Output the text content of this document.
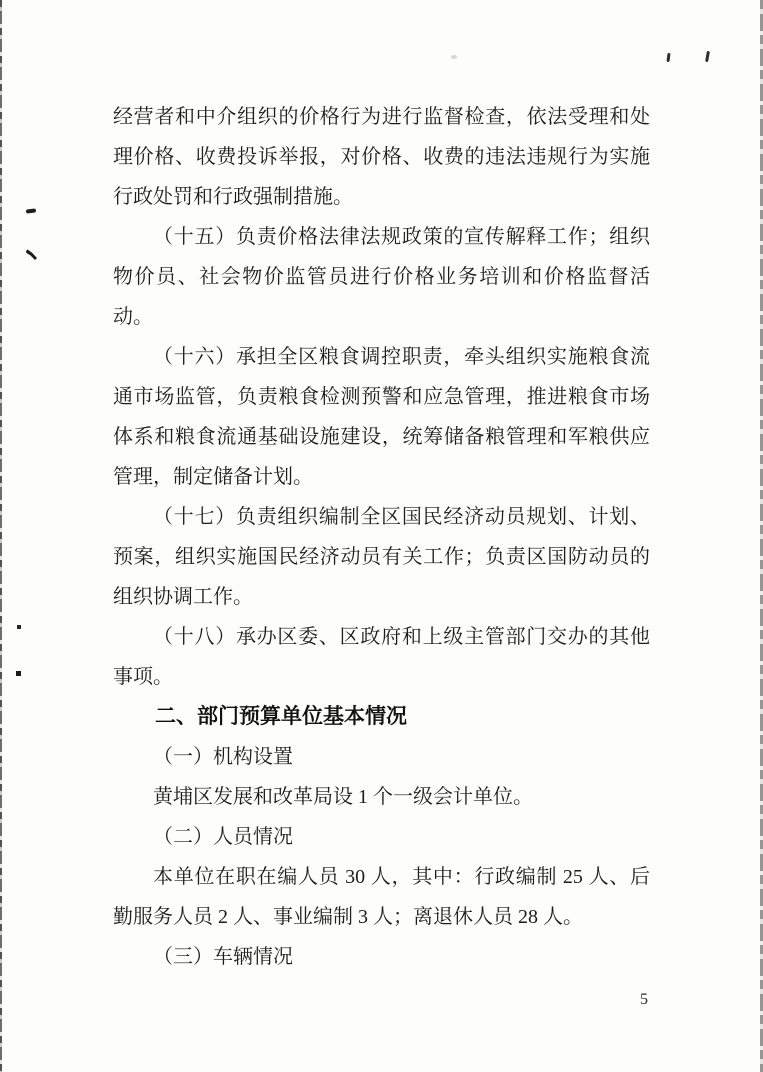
经营者和中介组织的价格行为进行监督检查，依法受理和处
理价格、收费投诉举报，对价格、收费的违法违规行为实施
行政处罚和行政强制措施。
（十五）负责价格法律法规政策的宣传解释工作；组织
物价员、社会物价监管员进行价格业务培训和价格监督活
动。
（十六）承担全区粮食调控职责，牵头组织实施粮食流
通市场监管，负责粮食检测预警和应急管理，推进粮食市场
体系和粮食流通基础设施建设，统筹储备粮管理和军粮供应
管理，制定储备计划。
（十七）负责组织编制全区国民经济动员规划、计划、
预案，组织实施国民经济动员有关工作；负责区国防动员的
组织协调工作。
（十八）承办区委、区政府和上级主管部门交办的其他
事项。
二、部门预算单位基本情况
（一）机构设置
黄埔区发展和改革局设 1 个一级会计单位。
（二）人员情况
本单位在职在编人员 30 人，其中：行政编制 25 人、后
勤服务人员 2 人、事业编制 3 人；离退休人员 28 人。
（三）车辆情况
5
